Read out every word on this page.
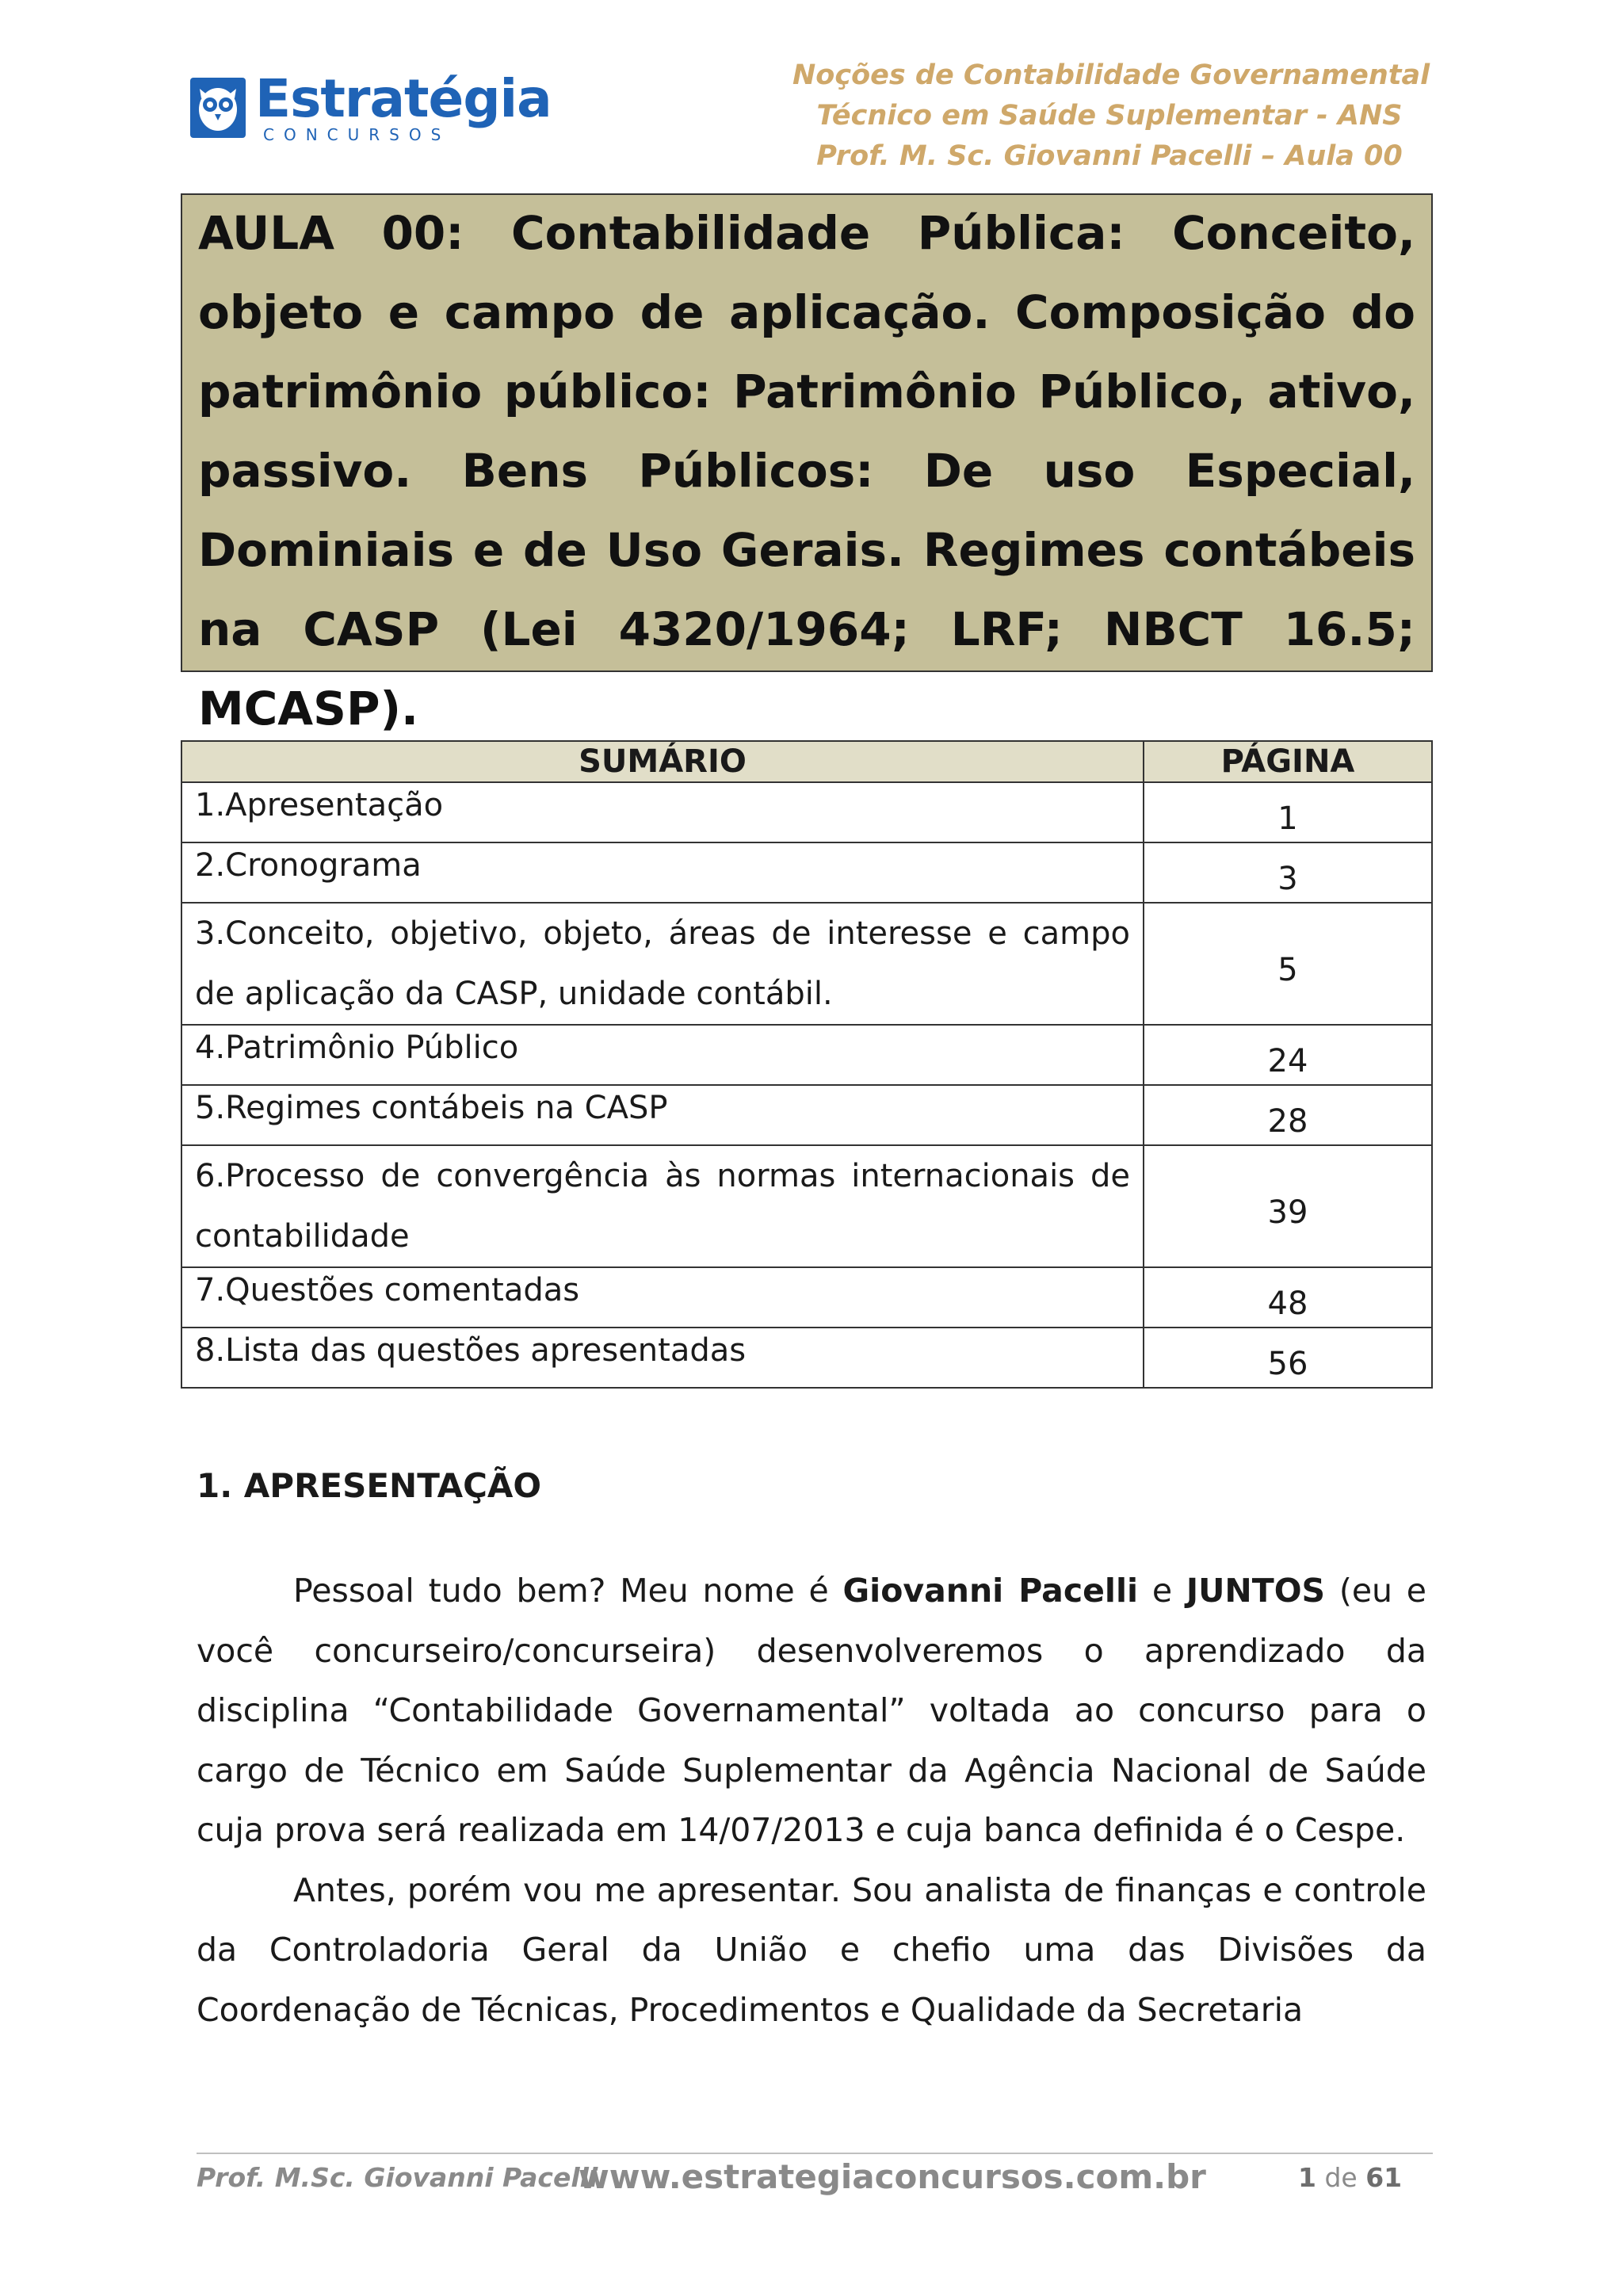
Estratégia
CONCURSOS
Noções de Contabilidade Governamental
Técnico em Saúde Suplementar - ANS
Prof. M. Sc. Giovanni Pacelli – Aula 00
AULA 00: Contabilidade Pública: Conceito, objeto e campo de aplicação. Composição do patrimônio público: Patrimônio Público, ativo, passivo. Bens Públicos: De uso Especial, Dominiais e de Uso Gerais. Regimes contábeis na CASP (Lei 4320/1964; LRF; NBCT 16.5; MCASP).
SUMÁRIO	PÁGINA
1.Apresentação	1
2.Cronograma	3
3.Conceito, objetivo, objeto, áreas de interesse e campo de aplicação da CASP, unidade contábil.	5
4.Patrimônio Público	24
5.Regimes contábeis na CASP	28
6.Processo de convergência às normas internacionais de contabilidade	39
7.Questões comentadas	48
8.Lista das questões apresentadas	56
1. APRESENTAÇÃO

Pessoal tudo bem? Meu nome é Giovanni Pacelli e JUNTOS (eu e você concurseiro/concurseira) desenvolveremos o aprendizado da disciplina “Contabilidade Governamental” voltada ao concurso para o cargo de Técnico em Saúde Suplementar da Agência Nacional de Saúde cuja prova será realizada em 14/07/2013 e cuja banca definida é o Cespe.

Antes, porém vou me apresentar. Sou analista de finanças e controle da Controladoria Geral da União e chefio uma das Divisões da Coordenação de Técnicas, Procedimentos e Qualidade da Secretaria

Prof. M.Sc. Giovanni Pacelli
www.estrategiaconcursos.com.br	1 de 61
